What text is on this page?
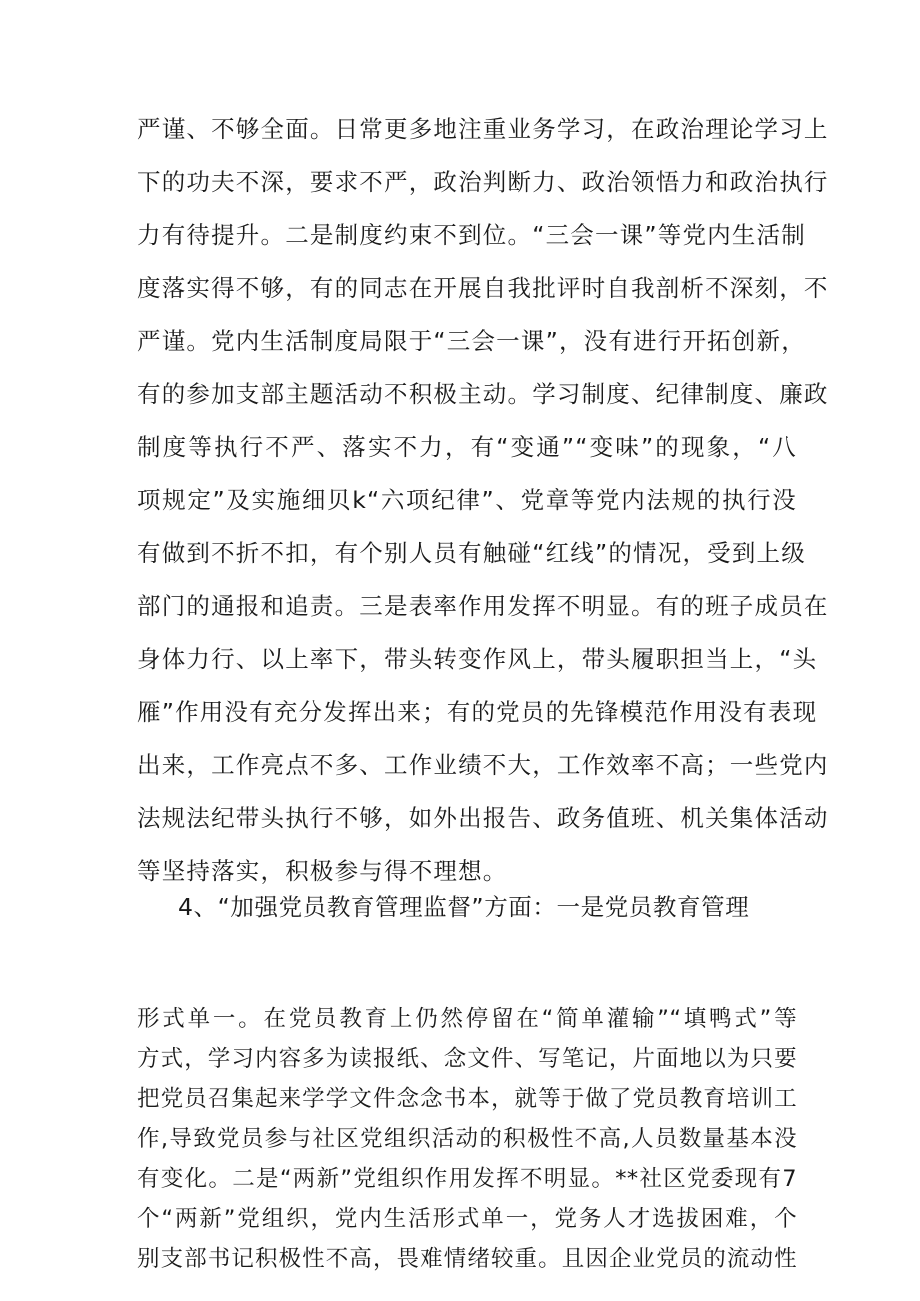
严谨、不够全面。日常更多地注重业务学习，在政治理论学习上
下的功夫不深，要求不严，政治判断力、政治领悟力和政治执行
力有待提升。二是制度约束不到位。“三会一课”等党内生活制
度落实得不够，有的同志在开展自我批评时自我剖析不深刻，不
严谨。党内生活制度局限于“三会一课”，没有进行开拓创新，
有的参加支部主题活动不积极主动。学习制度、纪律制度、廉政
制度等执行不严、落实不力，有“变通”“变味”的现象，“八
项规定”及实施细贝k“六项纪律”、党章等党内法规的执行没
有做到不折不扣，有个别人员有触碰“红线”的情况，受到上级
部门的通报和追责。三是表率作用发挥不明显。有的班子成员在
身体力行、以上率下，带头转变作风上，带头履职担当上，“头
雁”作用没有充分发挥出来；有的党员的先锋模范作用没有表现
出来，工作亮点不多、工作业绩不大，工作效率不高；一些党内
法规法纪带头执行不够，如外出报告、政务值班、机关集体活动
等坚持落实，积极参与得不理想。
4、“加强党员教育管理监督”方面：一是党员教育管理
形式单一。在党员教育上仍然停留在“简单灌输”“填鸭式”等
方式，学习内容多为读报纸、念文件、写笔记，片面地以为只要
把党员召集起来学学文件念念书本，就等于做了党员教育培训工
作,导致党员参与社区党组织活动的积极性不高,人员数量基本没
有变化。二是“两新”党组织作用发挥不明显。**社区党委现有7
个“两新”党组织，党内生活形式单一，党务人才选拔困难，个
别支部书记积极性不高，畏难情绪较重。且因企业党员的流动性
